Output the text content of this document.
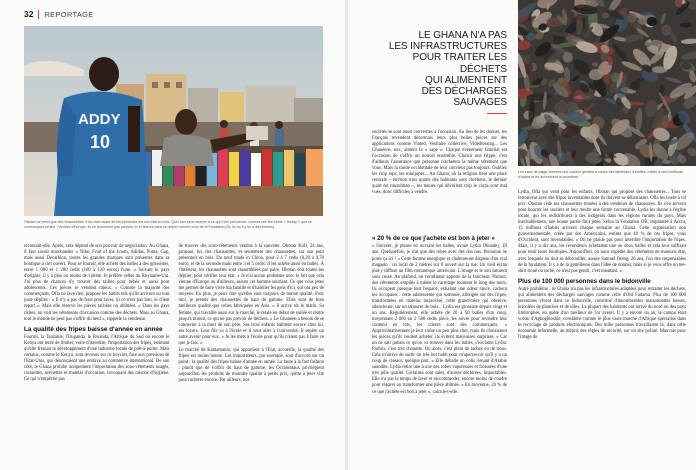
32 REPORTAGE
ADDY
10
Obotan ne vend que des chaussettes. Il les lave avant de les présenter sur son étal en bois. Quel sort sera réservé à ce qui n'est pas vendu, comme ces tee-shirts « Daddy » que ce commerçant exhibe ? Arrivés d'Europe, ils ne trouveront pas preneur ici et finiront dans un dépôt comme ceux de la Fondation (Or, ils ou il y en a des tonnes)

reconnaît-elle. Après, cela dépend de son pouvoir de négociation. Au Ghana, il faut savoir marchander. » Nike, Fruit of the Loom, Adidas, Puma, Gap, mais aussi Decathlon, toutes les grandes marques sont présentes dans sa boutique à ciel ouvert. Pour se fournir, elle achète des balles à des grossistes, entre 1 000 et 1 200 cedis (100 à 120 euros) l'une. « Suivant le pays d'origine, il y a plus ou moins de variété. Je préfère celles du Royaume-Uni. J'ai plus de chances d'y trouver des tailles pour bébés et aussi pour adolescents. Ces pièces se vendent mieux. » Comme la majorité des commerçants, Ofla ne lave rien, propose les habits tels qu'ils arrivent ou tout juste dépliés : « Il n'y a pas de frais pour laver. Si ce n'est pas bon, le client repart ». Mais elle réserve les pièces tachées ou abîmées. « Dans les pays riches, on voit les vêtements d'occasion comme des déchets. Mais au Ghana, tout le monde ne peut pas s'offrir du neuf », rappelle la vendeuse.

La qualité des fripes baisse d'année en année

Fourmi, la Tanzanie, l'Ouganda, le Rwanda, l'Afrique du Sud ou encore le Kenya ont tenté de limiter, voire d'interdire, l'importation des fripes, estimant qu'elle freinait le développement d'une industrie locale de prêt-à-porter. Mais certains, comme le Kenya, sont revenus sur ce boycott, face aux pressions de l'Etat-Unis, qui dénonçaient une entrave au commerce international. De son côté, le Ghana prohibe uniquement l'importation des sous-vêtements usagés, cuissettes, serviettes et matelas d'occasion, invoquant des raisons d'hygiène. Ce qui n'empêche pas

de trouver des sous-vêtements vendus à la sauvette. Obotan Kofi, 24 ans, propose, lui, des chaussettes, et seulement des chaussettes, sur son petit présentoir en bois. Du neuf made in China, pour 2 à 7 cedis (0,20 à 0,70 euro), et de la seconde main entre 3 et 5 cedis. Il les achète aussi en balles. À l'intérieur, les chaussettes sont rassemblées par paire. Obotan doit toutes les déplier, pour vérifier leur état. « Je n'ai aucun problème avec le fait que cela vienne d'Europe ou d'ailleurs, assure cet homme souriant. Ce que vous jetez me permet de faire vivre ma famille et d'habiller les gens d'ici, qui ont peu de moyens. En plus, je peux dire qu'elles sont toujours de bonne qualité. Pour moi, je prends des chaussettes de haut de gamme. Elles sont de bien meilleure qualité que celles fabriquées en Asie. » Il arrive tôt le matin. Sa femme, qui travaille aussi sur le marché, le relaie en début de soirée et rentre jusqu'à minuit, ce qui ne pas prévoir de déchets. « Le Ghanéen a besoin de se connecter à la mort de son père. Ses trois enfants habitent encore chez lui, ses loyers. Leur fils va à l'école et il veut aller à l'université. Il espère un autre avenir pour eux. » Je les mets à l'école pour qu'ils n'aient pas à faire ce que je fais. »

Le marché de Kantamanto, qui appartient à l'Etat, accueille, la qualité des fripes est moins bonne. Les importateurs, par exemple, sont d'accord sur un point : la qualité des fripes baisse d'année en année. La faute à la fast fashion : plutôt que de s'offrir du haut de gamme, les Occidentaux privilégient aujourd'hui les produits de moindre qualité à petits prix, quitte à jeter vite pour racheter encore. Par ailleurs, nos

LE GHANA N'A PAS
LES INFRASTRUCTURES
POUR TRAITER LES DÉCHETS
QUI ALIMENTENT
DES DÉCHARGES SAUVAGES
Les eaux de plage donnent une couleur grisâtre à cause des lambeaux d'étoffes, mêlés à une multitude d'objets et en accentuent la pourriture.
sociétés se sont aussi converties à l'occasion. Au lieu de les donner, les Français revendent désormais leurs plus belles pièces sur des applications comme Vinted, Vestiaire collective, Videdressing... Les Ghanéens, eux, aiment la « sape ». Chaque événement familial est l'occasion de s'offrir un nouvel ensemble. Choisir une frippe, c'est d'ailleurs l'assurance que personne n'achètera la même vêtement que vous. Mais la mode occidentale ne leur convient pas toujours. Oubliez les crop tops, les minijupes... Au Ghana, où la religion tient une place centrale – environ trois quarts des habitants sont chrétiens, le dernier quart est musulman –, les tenues qui dévoilent trop le corps sont mal vues, donc difficiles à vendre.
« 20 % de ce que j'achète est bon à jeter »

« Souvent, je pleure en ouvrant les balles, avoue Lydia Obuadey, 49 ans. Quelquefois, je n'ai que des robes avec des dos nus. Personne ne porte ça ici ! » Cette femme énergique et chaleureuse dispose d'un vrai magasin : un local de 2 mètres sur 8 ouvert sur la rue. Un vieil écran plat y diffuse un film romantique américain. L'image et le son saturent sous cesse. Au plafond, un ventilateur apporte de la fraîcheur. Partout, des vêtements empilés à même le carrelage montent le long des murs. Ils occupent presque tout l'espace, exhalant une odeur rance, cachent les occupants : cette adolescente qui somnole, allongée sur des fripes, transformées en matelas improvisé, cette grand-mère qui observe, silencieuse, sur un tabouret de bois... Lydia est grossiste depuis vingt et un ans. Régulièrement, elle achète de 20 à 50 balles d'un coup, moyennant 2 000 ou 2 500 cedis pièce, les ouvre pour revendre leur contenu en lots, les clients sont des commerçants. « Approximativement je leur coûte un peu plus cher, mais ils choisissent les pièces qu'ils veulent acheter, ils évitent mauvaises surprises. » Car on ne sait jamais ce qu'on va trouver dans les balles, s'exclame Lydia. Parfois, c'est très chouette. Ou alors, c'est plein de taches ou de trous. Cela m'arrive de sortir un très bel habit pour m'apercevoir qu'il y a un coup de ciseaux quelque part. » Elle déballe un colis venant d'Arabie saoudite. Lydia retire une à une des robes vaporeuses et froissées d'une très jolie qualité. Certaines sont sales, d'autres déchirées, importables. Elle n'a pas le temps de laver et raccommoder, encore moins de coudre pour réparer ou transformer une pièce abîmée. « En moyenne, 20 % de ce que j'achète est bon à jeter », calcule-t-elle.

Lydia, Ofla qui vend pour les enfants, Obotan qui propose des chaussettes... Tous se retrouvent avec des fripes invendables dont ils doivent se débarrasser. Ofla les brade à vil prix. Obotan cède ses chaussettes trouées à des vendeurs de chaussures. Ils s'en servent pour bourrer les souliers et leur rendre une forme convenable. Lydia les donne à l'église locale, qui les redistribuera à des indigents dans les régions rurales du pays. Mais inévitablement, une bonne partie finit jetée. Selon la Fondation OR, implantée à Accra, 15 millions d'habits arrivent chaque semaine au Ghana. Cette organisation non gouvernementale, créée par des Américains, estime que 40 % de ces fripes, vous d'Occident, sont invendables. « On ne plaide pas pour interdire l'importation de fripes. Mais, il y a dix ans, les revendeurs achetaient une ou deux balles et cela leur suffisait pour tenir leurs boutiques. Aujourd'hui, on nous expédie des vêtements en mauvais état, avec lesquels on doit se débrouiller, assure Samuel Oteng, 26 ans, l'un des responsables de la fondation. Il y a de la gentillesse dans l'idée de donner, mais si je vous offre un tee-shirt troué ou taché, ce n'est pas gentil, c'est insultant. »

Plus de 100 000 personnes dans le bidonville

Autre problème : le Ghana n'a pas les infrastructures adaptées pour retraiter les déchets, qui alimentent des décharges sauvages comme celle d'Old Fadama. Plus de 100 000 personnes vivent dans ce bidonville, constitué d'innombrables maisonnettes basses, bricolées de planches et de tôles. La plupart des habitants ont arrivé du nord ou des pays limitrophes, en quête d'un meilleur de l'or avenir. Il y a encore un an, le campo était voisin d'Agbogbloshie, considéré comme le plus vaste marché d'Afrique spécialisé dans le recyclage de produits électroniques. Des mille personnes travaillaient là, dans cette économie informelle, au mépris des règles de sécurité, sur un site pollué. Mauvais pour l'image du
